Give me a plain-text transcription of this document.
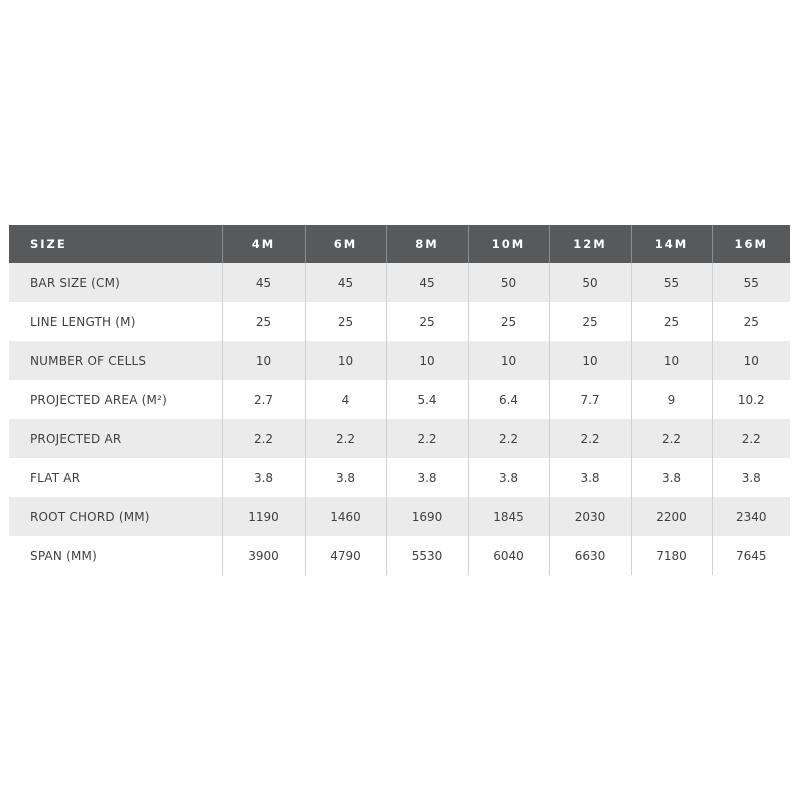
SIZE	4M	6M	8M	10M	12M	14M	16M
BAR SIZE (CM)	45	45	45	50	50	55	55
LINE LENGTH (M)	25	25	25	25	25	25	25
NUMBER OF CELLS	10	10	10	10	10	10	10
PROJECTED AREA (M²)	2.7	4	5.4	6.4	7.7	9	10.2
PROJECTED AR	2.2	2.2	2.2	2.2	2.2	2.2	2.2
FLAT AR	3.8	3.8	3.8	3.8	3.8	3.8	3.8
ROOT CHORD (MM)	1190	1460	1690	1845	2030	2200	2340
SPAN (MM)	3900	4790	5530	6040	6630	7180	7645
